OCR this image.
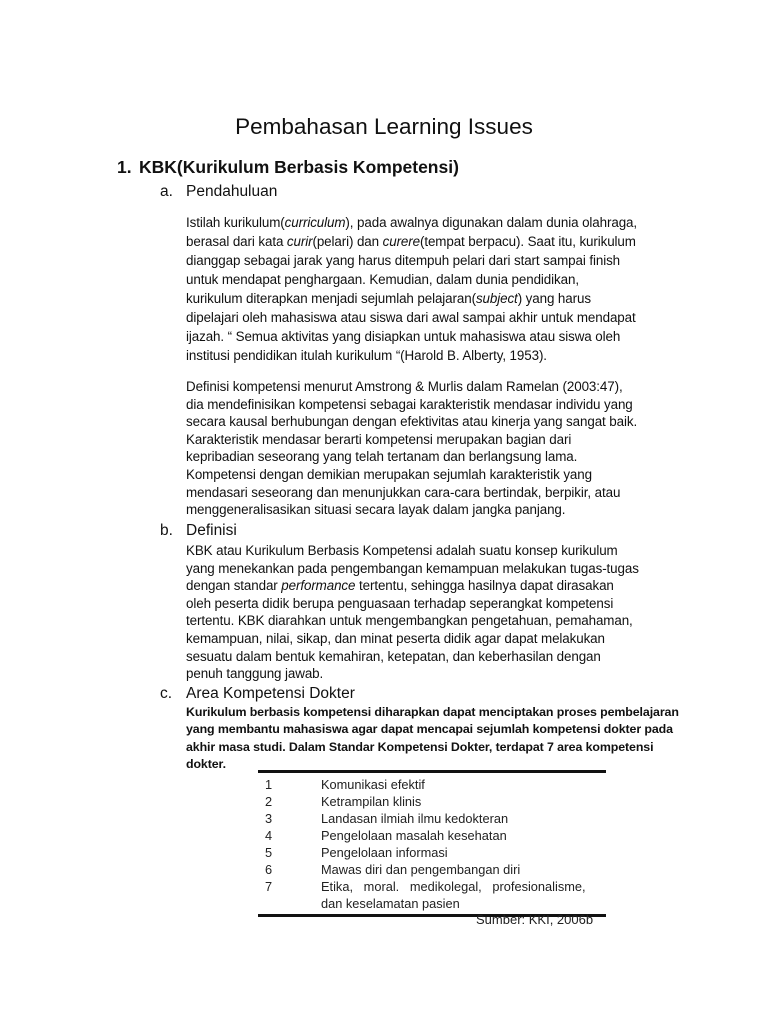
Pembahasan Learning Issues
1. KBK(Kurikulum Berbasis Kompetensi)
a. Pendahuluan
Istilah kurikulum(curriculum), pada awalnya digunakan dalam dunia olahraga,
berasal dari kata curir(pelari) dan curere(tempat berpacu). Saat itu, kurikulum
dianggap sebagai jarak yang harus ditempuh pelari dari start sampai finish
untuk mendapat penghargaan. Kemudian, dalam dunia pendidikan,
kurikulum diterapkan menjadi sejumlah pelajaran(subject) yang harus
dipelajari oleh mahasiswa atau siswa dari awal sampai akhir untuk mendapat
ijazah. “ Semua aktivitas yang disiapkan untuk mahasiswa atau siswa oleh
institusi pendidikan itulah kurikulum “(Harold B. Alberty, 1953).
Definisi kompetensi menurut Amstrong & Murlis dalam Ramelan (2003:47),
dia mendefinisikan kompetensi sebagai karakteristik mendasar individu yang
secara kausal berhubungan dengan efektivitas atau kinerja yang sangat baik.
Karakteristik mendasar berarti kompetensi merupakan bagian dari
kepribadian seseorang yang telah tertanam dan berlangsung lama.
Kompetensi dengan demikian merupakan sejumlah karakteristik yang
mendasari seseorang dan menunjukkan cara-cara bertindak, berpikir, atau
menggeneralisasikan situasi secara layak dalam jangka panjang.
b. Definisi
KBK atau Kurikulum Berbasis Kompetensi adalah suatu konsep kurikulum
yang menekankan pada pengembangan kemampuan melakukan tugas-tugas
dengan standar performance tertentu, sehingga hasilnya dapat dirasakan
oleh peserta didik berupa penguasaan terhadap seperangkat kompetensi
tertentu. KBK diarahkan untuk mengembangkan pengetahuan, pemahaman,
kemampuan, nilai, sikap, dan minat peserta didik agar dapat melakukan
sesuatu dalam bentuk kemahiran, ketepatan, dan keberhasilan dengan
penuh tanggung jawab.
c. Area Kompetensi Dokter
Kurikulum berbasis kompetensi diharapkan dapat menciptakan proses pembelajaran
yang membantu mahasiswa agar dapat mencapai sejumlah kompetensi dokter pada
akhir masa studi. Dalam Standar Kompetensi Dokter, terdapat 7 area kompetensi
dokter.
1	Komunikasi efektif
2	Ketrampilan klinis
3	Landasan ilmiah ilmu kedokteran
4	Pengelolaan masalah kesehatan
5	Pengelolaan informasi
6	Mawas diri dan pengembangan diri
7	Etika,   moral.   medikolegal,   profesionalisme,
dan keselamatan pasien
Sumber: KKI, 2006b
